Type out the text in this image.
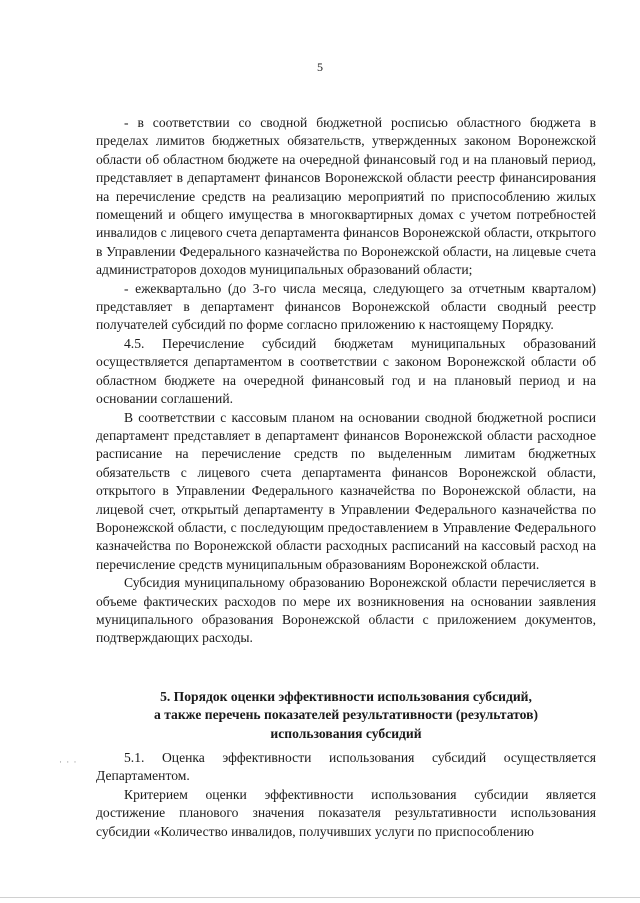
5

- в соответствии со сводной бюджетной росписью областного бюджета в пределах лимитов бюджетных обязательств, утвержденных законом Воронежской области об областном бюджете на очередной финансовый год и на плановый период, представляет в департамент финансов Воронежской области реестр финансирования на перечисление средств на реализацию мероприятий по приспособлению жилых помещений и общего имущества в многоквартирных домах с учетом потребностей инвалидов с лицевого счета департамента финансов Воронежской области, открытого в Управлении Федерального казначейства по Воронежской области, на лицевые счета администраторов доходов муниципальных образований области;

- ежеквартально (до 3-го числа месяца, следующего за отчетным кварталом) представляет в департамент финансов Воронежской области сводный реестр получателей субсидий по форме согласно приложению к настоящему Порядку.

4.5. Перечисление субсидий бюджетам муниципальных образований осуществляется департаментом в соответствии с законом Воронежской области об областном бюджете на очередной финансовый год и на плановый период и на основании соглашений.

В соответствии с кассовым планом на основании сводной бюджетной росписи департамент представляет в департамент финансов Воронежской области расходное расписание на перечисление средств по выделенным лимитам бюджетных обязательств с лицевого счета департамента финансов Воронежской области, открытого в Управлении Федерального казначейства по Воронежской области, на лицевой счет, открытый департаменту в Управлении Федерального казначейства по Воронежской области, с последующим предоставлением в Управление Федерального казначейства по Воронежской области расходных расписаний на кассовый расход на перечисление средств муниципальным образованиям Воронежской области.

Субсидия муниципальному образованию Воронежской области перечисляется в объеме фактических расходов по мере их возникновения на основании заявления муниципального образования Воронежской области с приложением документов, подтверждающих расходы.

5. Порядок оценки эффективности использования субсидий,
а также перечень показателей результативности (результатов)
использования субсидий
· · ·	5.1. Оценка эффективности использования субсидий осуществляется Департаментом.

Критерием оценки эффективности использования субсидии является достижение планового значения показателя результативности использования субсидии «Количество инвалидов, получивших услуги по приспособлению
